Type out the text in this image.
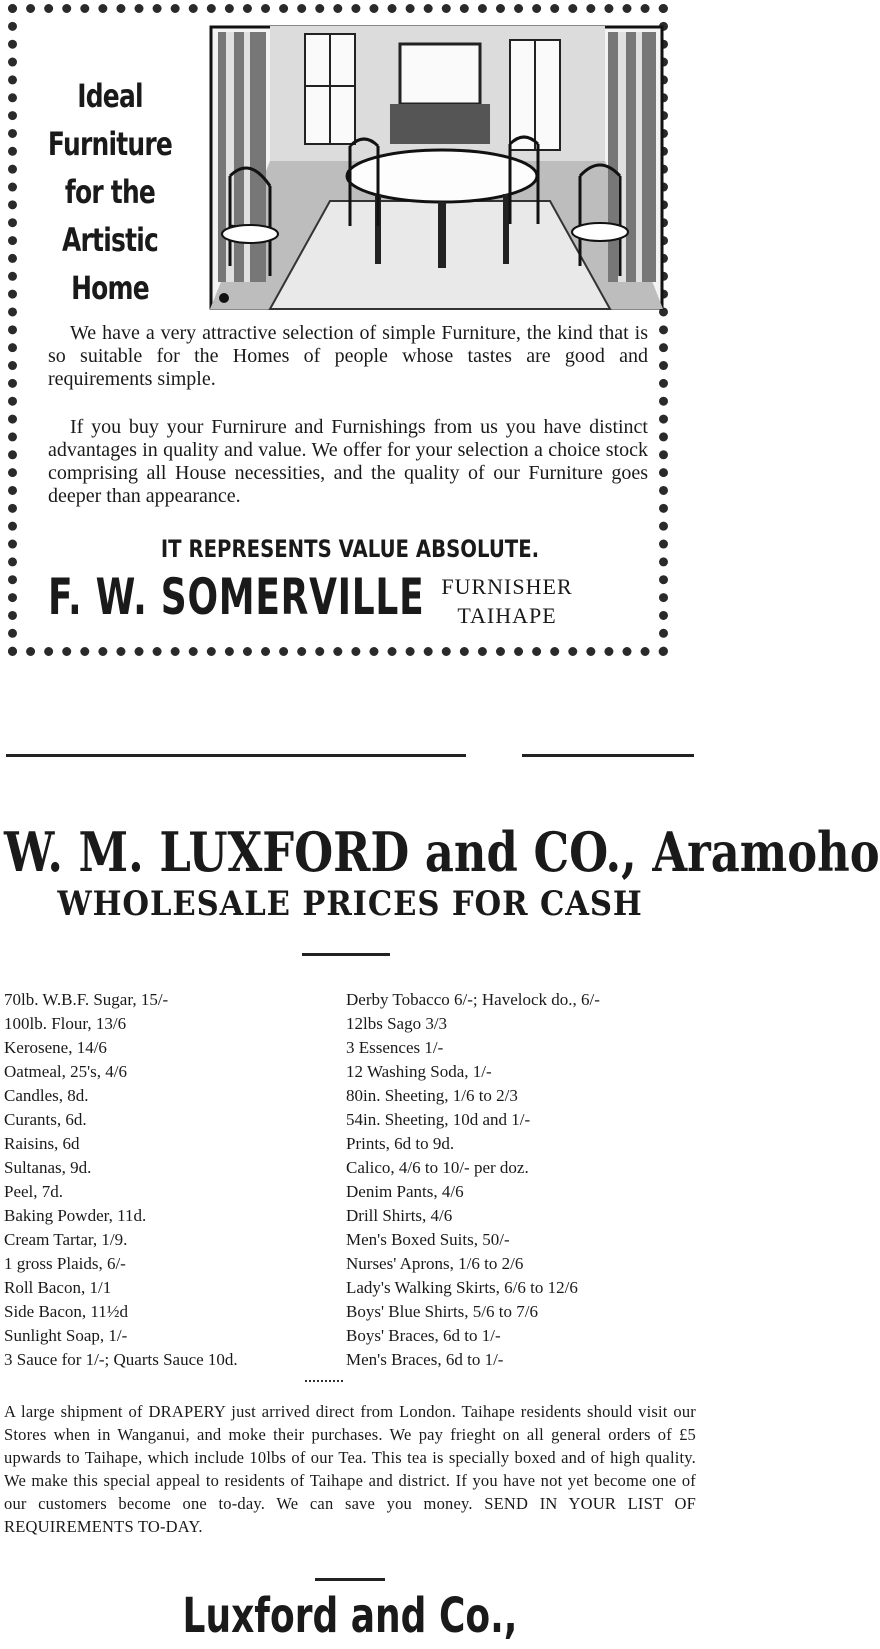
Ideal
Furniture
for the
Artistic
Home
We have a very attractive selection of simple Furniture, the kind that is so suitable for the Homes of people whose tastes are good and requirements simple.
If you buy your Furnirure and Furnishings from us you have distinct advantages in quality and value. We offer for your selection a choice stock comprising all House necessities, and the quality of our Furniture goes deeper than appearance.
IT REPRESENTS VALUE ABSOLUTE.
F. W. SOMERVILLE FURNISHER
TAIHAPE
W. M. LUXFORD and CO., Aramoho
WHOLESALE PRICES FOR CASH
70lb. W.B.F. Sugar, 15/-
100lb. Flour, 13/6
Kerosene, 14/6
Oatmeal, 25's, 4/6
Candles, 8d.
Curants, 6d.
Raisins, 6d
Sultanas, 9d.
Peel, 7d.
Baking Powder, 11d.
Cream Tartar, 1/9.
1 gross Plaids, 6/-
Roll Bacon, 1/1
Side Bacon, 11½d
Sunlight Soap, 1/-
3 Sauce for 1/-; Quarts Sauce 10d.
Derby Tobacco 6/-; Havelock do., 6/-
12lbs Sago 3/3
3 Essences 1/-
12 Washing Soda, 1/-
80in. Sheeting, 1/6 to 2/3
54in. Sheeting, 10d and 1/-
Prints, 6d to 9d.
Calico, 4/6 to 10/- per doz.
Denim Pants, 4/6
Drill Shirts, 4/6
Men's Boxed Suits, 50/-
Nurses' Aprons, 1/6 to 2/6
Lady's Walking Skirts, 6/6 to 12/6
Boys' Blue Shirts, 5/6 to 7/6
Boys' Braces, 6d to 1/-
Men's Braces, 6d to 1/-
A large shipment of DRAPERY just arrived direct from London. Taihape residents should visit our Stores when in Wanganui, and moke their purchases. We pay frieght on all general orders of £5 upwards to Taihape, which include 10lbs of our Tea. This tea is specially boxed and of high quality. We make this special appeal to residents of Taihape and district. If you have not yet become one of our customers become one to-day. We can save you money. SEND IN YOUR LIST OF REQUIREMENTS TO-DAY.
Luxford and Co.,
